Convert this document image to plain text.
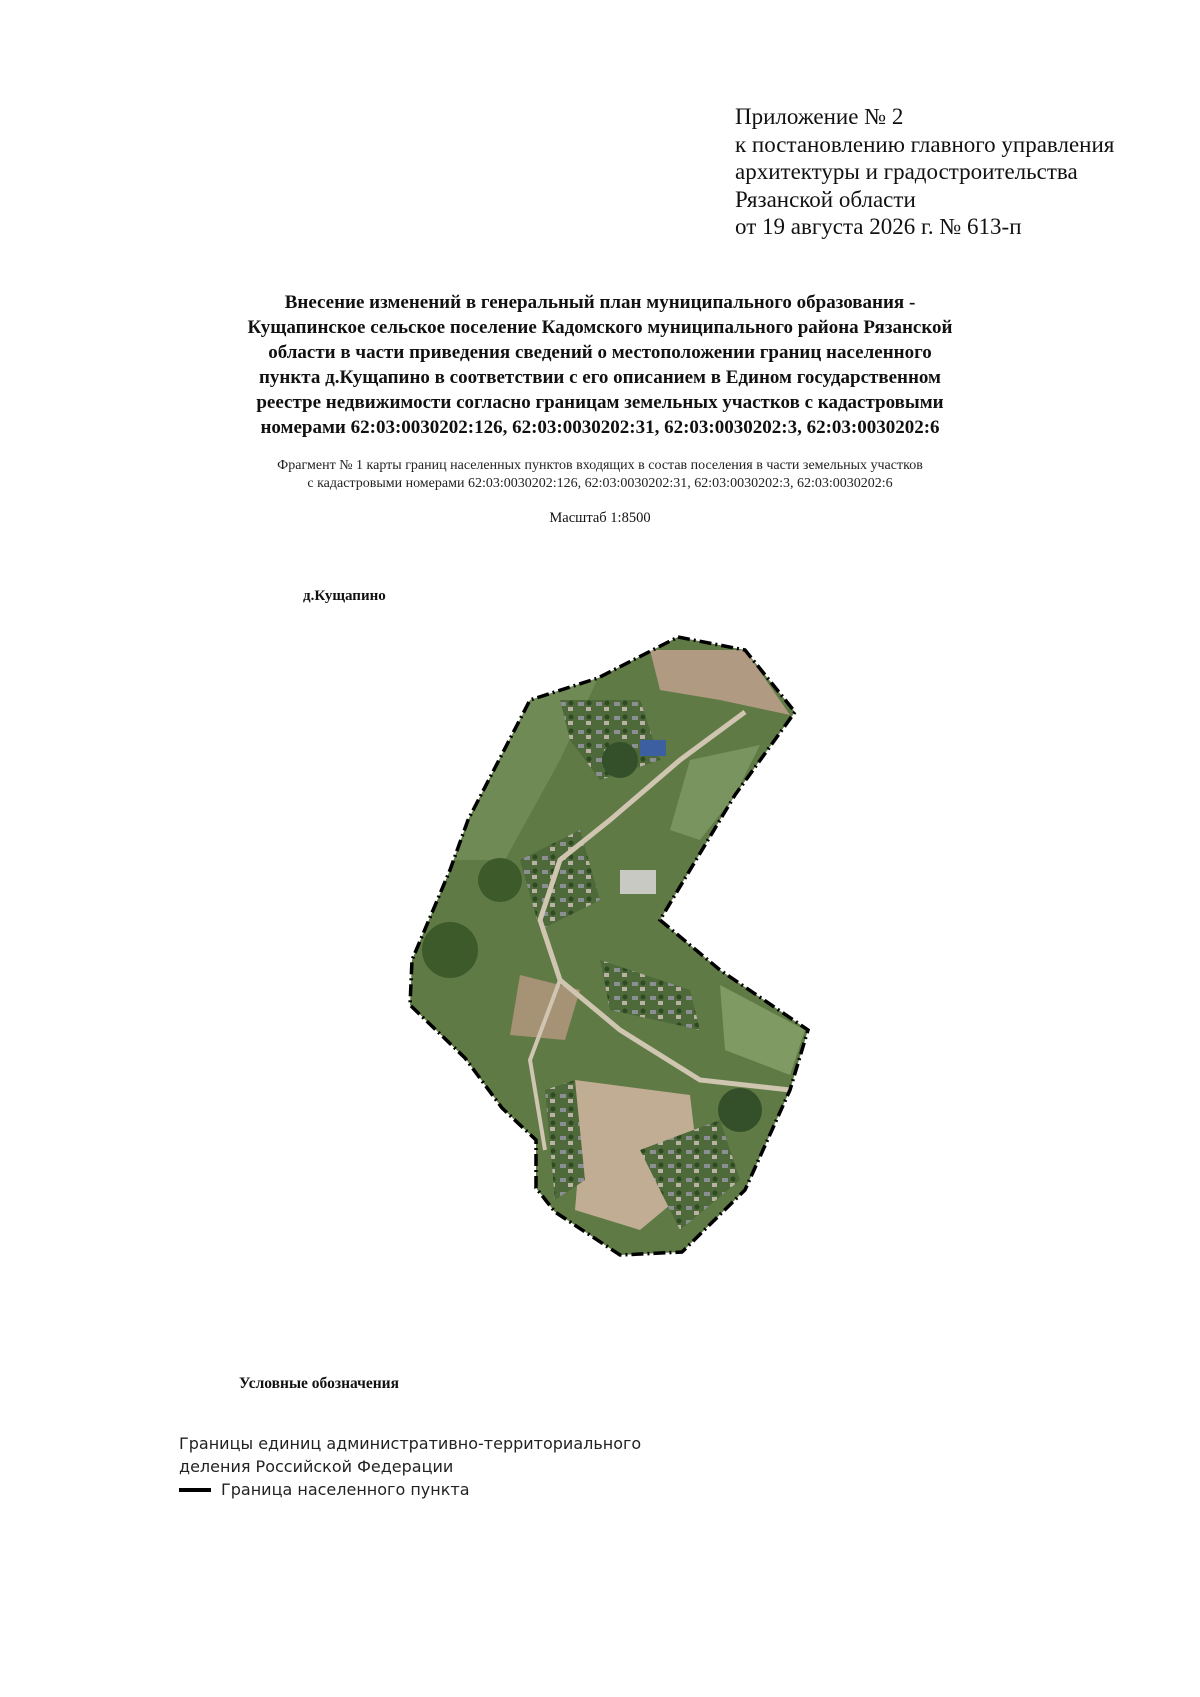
Приложение № 2
к постановлению главного управления
архитектуры и градостроительства
Рязанской области
от 19 августа 2026 г. № 613-п
Внесение изменений в генеральный план муниципального образования -
Кущапинское сельское поселение Кадомского муниципального района Рязанской
области в части приведения сведений о местоположении границ населенного
пункта д.Кущапино в соответствии с его описанием в Едином государственном
реестре недвижимости согласно границам земельных участков с кадастровыми
номерами 62:03:0030202:126, 62:03:0030202:31, 62:03:0030202:3, 62:03:0030202:6
Фрагмент № 1 карты границ населенных пунктов входящих в состав поселения в части земельных участков
с кадастровыми номерами 62:03:0030202:126, 62:03:0030202:31, 62:03:0030202:3, 62:03:0030202:6
Масштаб 1:8500
д.Кущапино
Условные обозначения
Границы единиц административно-территориального
деления Российской Федерации
Граница населенного пункта
